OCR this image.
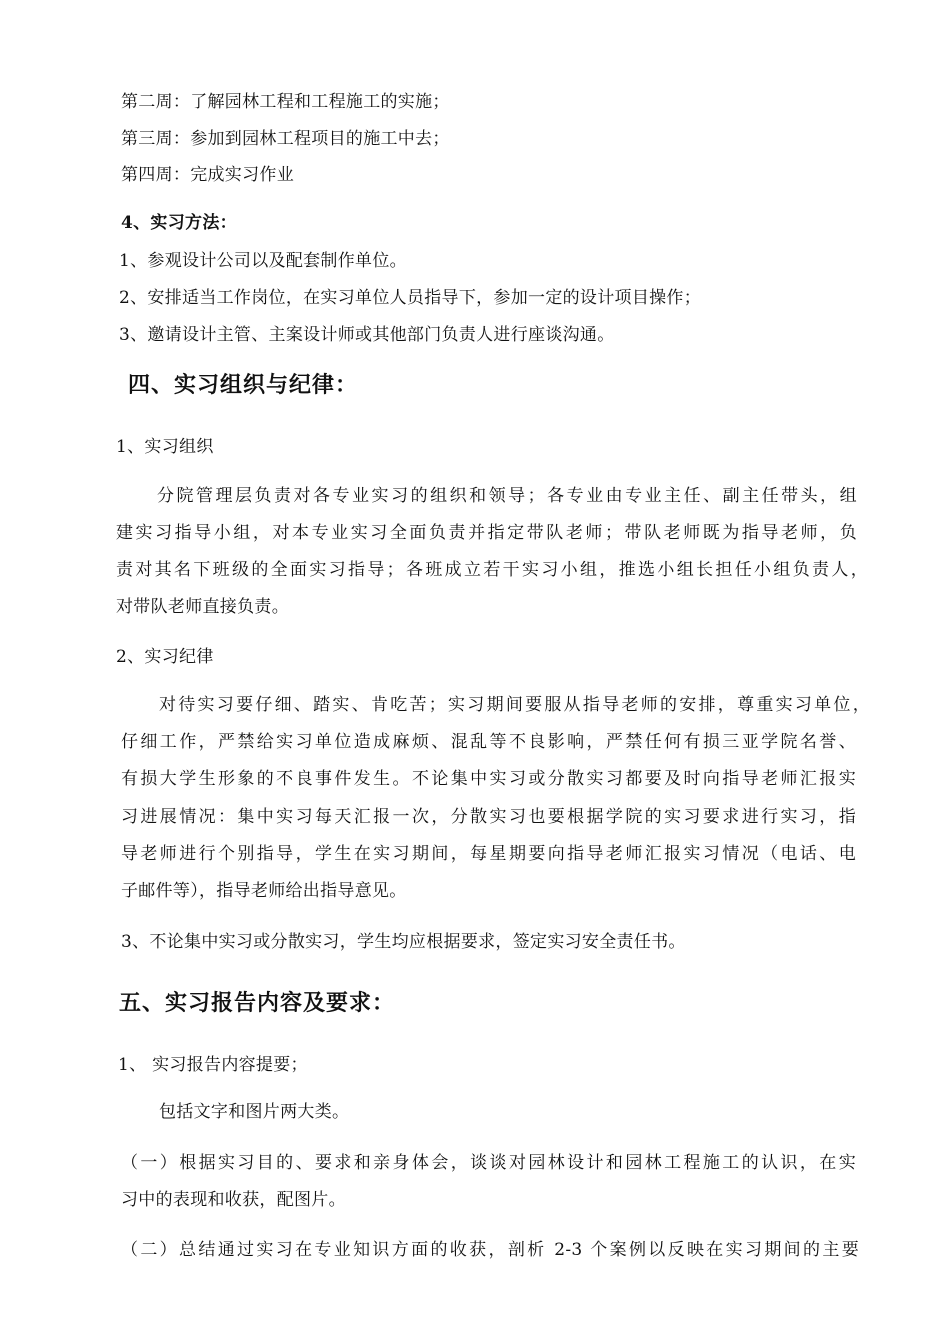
第二周：了解园林工程和工程施工的实施；
第三周：参加到园林工程项目的施工中去；
第四周：完成实习作业
4、实习方法：
1、参观设计公司以及配套制作单位。
2、安排适当工作岗位，在实习单位人员指导下，参加一定的设计项目操作；
3、邀请设计主管、主案设计师或其他部门负责人进行座谈沟通。
四、实习组织与纪律：
1、实习组织
分院管理层负责对各专业实习的组织和领导；各专业由专业主任、副主任带头，组
建实习指导小组，对本专业实习全面负责并指定带队老师；带队老师既为指导老师，负
责对其名下班级的全面实习指导；各班成立若干实习小组，推选小组长担任小组负责人，
对带队老师直接负责。
2、实习纪律
对待实习要仔细、踏实、肯吃苦；实习期间要服从指导老师的安排，尊重实习单位，
仔细工作，严禁给实习单位造成麻烦、混乱等不良影响，严禁任何有损三亚学院名誉、
有损大学生形象的不良事件发生。不论集中实习或分散实习都要及时向指导老师汇报实
习进展情况：集中实习每天汇报一次，分散实习也要根据学院的实习要求进行实习，指
导老师进行个别指导，学生在实习期间，每星期要向指导老师汇报实习情况（电话、电
子邮件等），指导老师给出指导意见。
3、不论集中实习或分散实习，学生均应根据要求，签定实习安全责任书。
五、实习报告内容及要求：
1、 实习报告内容提要；
包括文字和图片两大类。
（一）根据实习目的、要求和亲身体会，谈谈对园林设计和园林工程施工的认识，在实
习中的表现和收获，配图片。
（二）总结通过实习在专业知识方面的收获，剖析 2-3 个案例以反映在实习期间的主要
